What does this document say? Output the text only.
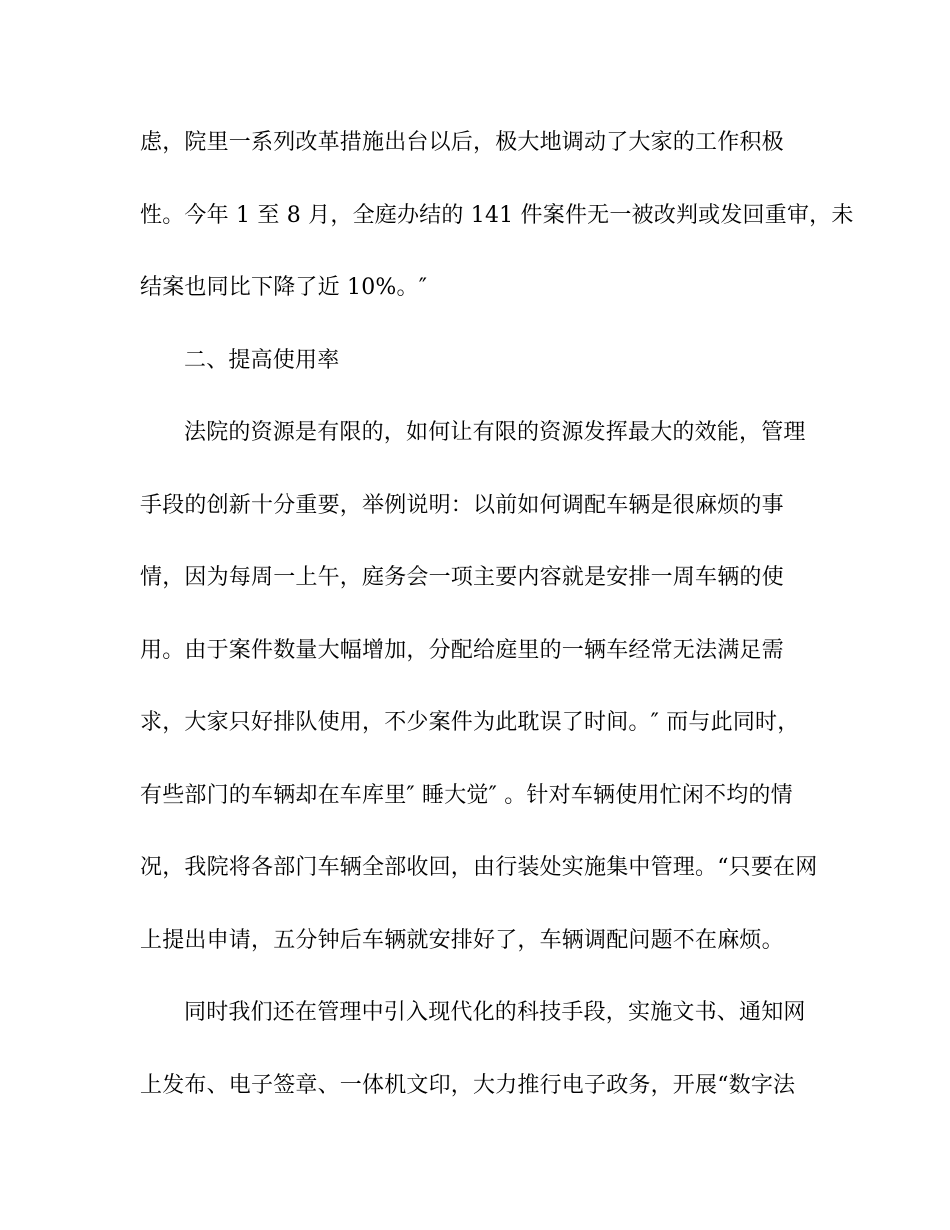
虑，院里一系列改革措施出台以后，极大地调动了大家的工作积极
性。今年 1 至 8 月，全庭办结的 141 件案件无一被改判或发回重审，未
结案也同比下降了近 10%。″
二、提高使用率
法院的资源是有限的，如何让有限的资源发挥最大的效能，管理
手段的创新十分重要，举例说明：以前如何调配车辆是很麻烦的事
情，因为每周一上午，庭务会一项主要内容就是安排一周车辆的使
用。由于案件数量大幅增加，分配给庭里的一辆车经常无法满足需
求，大家只好排队使用，不少案件为此耽误了时间。″ 而与此同时，
有些部门的车辆却在车库里″ 睡大觉″ 。针对车辆使用忙闲不均的情
况，我院将各部门车辆全部收回，由行装处实施集中管理。“只要在网
上提出申请，五分钟后车辆就安排好了，车辆调配问题不在麻烦。
同时我们还在管理中引入现代化的科技手段，实施文书、通知网
上发布、电子签章、一体机文印，大力推行电子政务，开展“数字法
